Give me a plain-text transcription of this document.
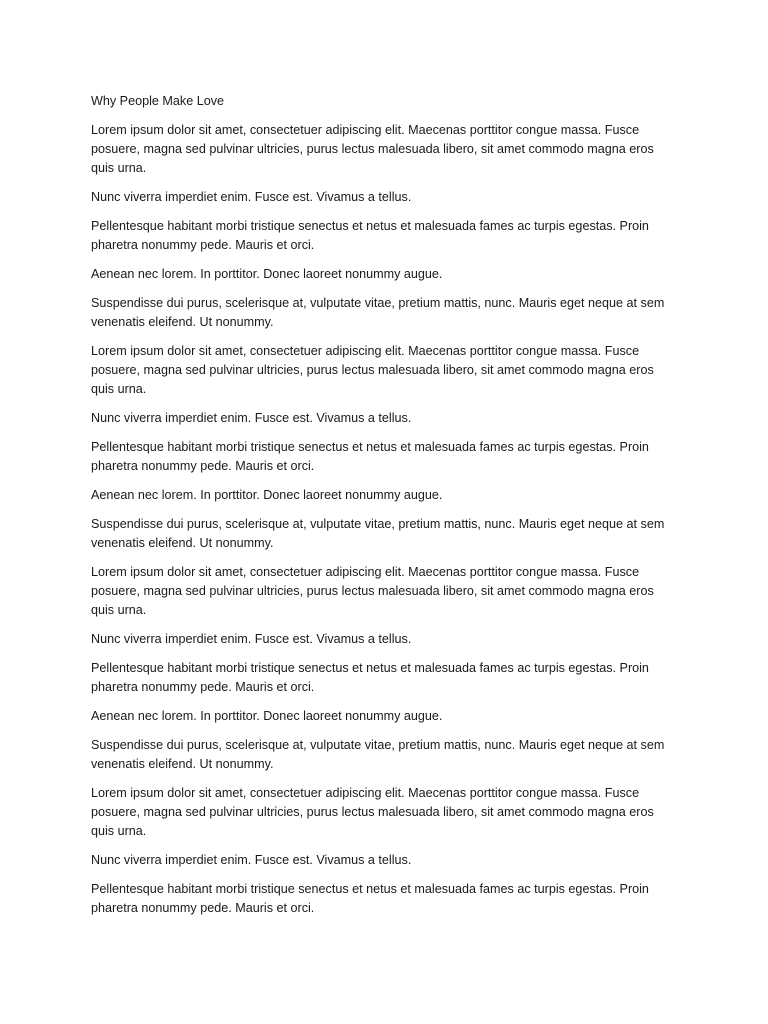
Why People Make Love

Lorem ipsum dolor sit amet, consectetuer adipiscing elit. Maecenas porttitor congue massa. Fusce posuere, magna sed pulvinar ultricies, purus lectus malesuada libero, sit amet commodo magna eros quis urna.

Nunc viverra imperdiet enim. Fusce est. Vivamus a tellus.

Pellentesque habitant morbi tristique senectus et netus et malesuada fames ac turpis egestas. Proin pharetra nonummy pede. Mauris et orci.

Aenean nec lorem. In porttitor. Donec laoreet nonummy augue.

Suspendisse dui purus, scelerisque at, vulputate vitae, pretium mattis, nunc. Mauris eget neque at sem venenatis eleifend. Ut nonummy.

Lorem ipsum dolor sit amet, consectetuer adipiscing elit. Maecenas porttitor congue massa. Fusce posuere, magna sed pulvinar ultricies, purus lectus malesuada libero, sit amet commodo magna eros quis urna.

Nunc viverra imperdiet enim. Fusce est. Vivamus a tellus.

Pellentesque habitant morbi tristique senectus et netus et malesuada fames ac turpis egestas. Proin pharetra nonummy pede. Mauris et orci.

Aenean nec lorem. In porttitor. Donec laoreet nonummy augue.

Suspendisse dui purus, scelerisque at, vulputate vitae, pretium mattis, nunc. Mauris eget neque at sem venenatis eleifend. Ut nonummy.

Lorem ipsum dolor sit amet, consectetuer adipiscing elit. Maecenas porttitor congue massa. Fusce posuere, magna sed pulvinar ultricies, purus lectus malesuada libero, sit amet commodo magna eros quis urna.

Nunc viverra imperdiet enim. Fusce est. Vivamus a tellus.

Pellentesque habitant morbi tristique senectus et netus et malesuada fames ac turpis egestas. Proin pharetra nonummy pede. Mauris et orci.

Aenean nec lorem. In porttitor. Donec laoreet nonummy augue.

Suspendisse dui purus, scelerisque at, vulputate vitae, pretium mattis, nunc. Mauris eget neque at sem venenatis eleifend. Ut nonummy.

Lorem ipsum dolor sit amet, consectetuer adipiscing elit. Maecenas porttitor congue massa. Fusce posuere, magna sed pulvinar ultricies, purus lectus malesuada libero, sit amet commodo magna eros quis urna.

Nunc viverra imperdiet enim. Fusce est. Vivamus a tellus.

Pellentesque habitant morbi tristique senectus et netus et malesuada fames ac turpis egestas. Proin pharetra nonummy pede. Mauris et orci.
